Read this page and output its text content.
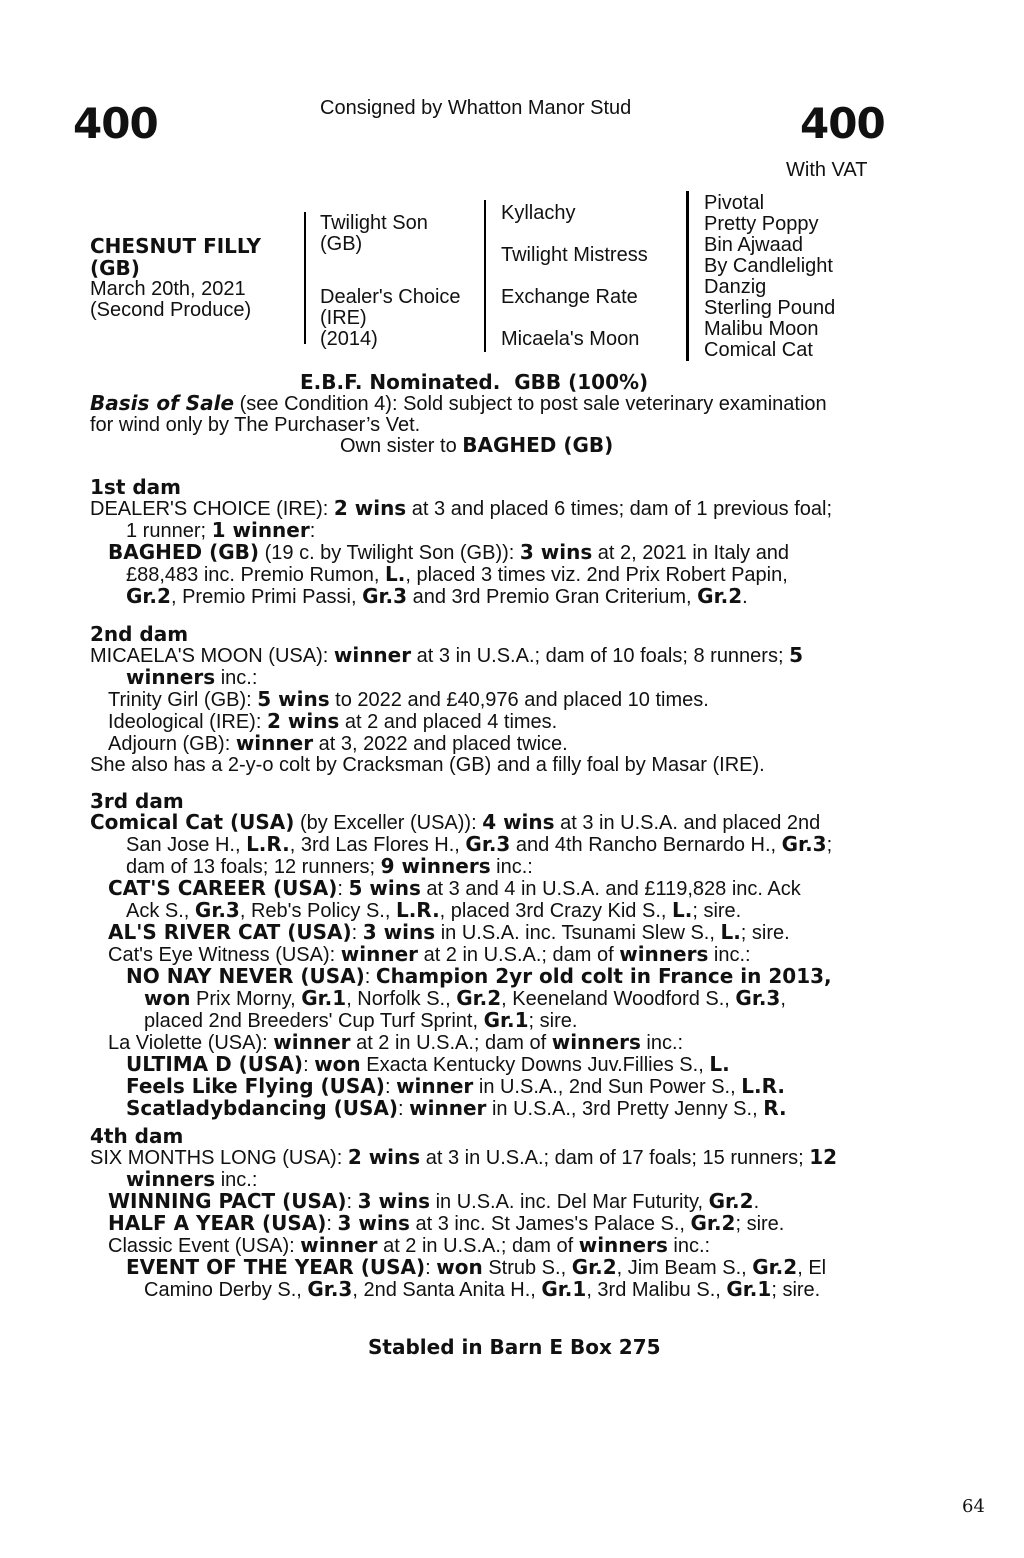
400	Consigned by Whatton Manor Stud	400
With VAT
CHESNUT FILLY
(GB)
March 20th, 2021
(Second Produce)
Twilight Son
(GB)
Dealer's Choice
(IRE)
(2014)
Kyllachy
Twilight Mistress
Exchange Rate
Micaela's Moon
Pivotal
Pretty Poppy
Bin Ajwaad
By Candlelight
Danzig
Sterling Pound
Malibu Moon
Comical Cat
E.B.F. Nominated.  GBB (100%)
Basis of Sale (see Condition 4): Sold subject to post sale veterinary examination
for wind only by The Purchaser’s Vet.
Own sister to BAGHED (GB)
1st dam
DEALER'S CHOICE (IRE): 2 wins at 3 and placed 6 times; dam of 1 previous foal;
1 runner; 1 winner:
BAGHED (GB) (19 c. by Twilight Son (GB)): 3 wins at 2, 2021 in Italy and
£88,483 inc. Premio Rumon, L., placed 3 times viz. 2nd Prix Robert Papin,
Gr.2, Premio Primi Passi, Gr.3 and 3rd Premio Gran Criterium, Gr.2.
2nd dam
MICAELA'S MOON (USA): winner at 3 in U.S.A.; dam of 10 foals; 8 runners; 5
winners inc.:
Trinity Girl (GB): 5 wins to 2022 and £40,976 and placed 10 times.
Ideological (IRE): 2 wins at 2 and placed 4 times.
Adjourn (GB): winner at 3, 2022 and placed twice.
She also has a 2-y-o colt by Cracksman (GB) and a filly foal by Masar (IRE).
3rd dam
Comical Cat (USA) (by Exceller (USA)): 4 wins at 3 in U.S.A. and placed 2nd
San Jose H., L.R., 3rd Las Flores H., Gr.3 and 4th Rancho Bernardo H., Gr.3;
dam of 13 foals; 12 runners; 9 winners inc.:
CAT'S CAREER (USA): 5 wins at 3 and 4 in U.S.A. and £119,828 inc. Ack
Ack S., Gr.3, Reb's Policy S., L.R., placed 3rd Crazy Kid S., L.; sire.
AL'S RIVER CAT (USA): 3 wins in U.S.A. inc. Tsunami Slew S., L.; sire.
Cat's Eye Witness (USA): winner at 2 in U.S.A.; dam of winners inc.:
NO NAY NEVER (USA): Champion 2yr old colt in France in 2013,
won Prix Morny, Gr.1, Norfolk S., Gr.2, Keeneland Woodford S., Gr.3,
placed 2nd Breeders' Cup Turf Sprint, Gr.1; sire.
La Violette (USA): winner at 2 in U.S.A.; dam of winners inc.:
ULTIMA D (USA): won Exacta Kentucky Downs Juv.Fillies S., L.
Feels Like Flying (USA): winner in U.S.A., 2nd Sun Power S., L.R.
Scatladybdancing (USA): winner in U.S.A., 3rd Pretty Jenny S., R.
4th dam
SIX MONTHS LONG (USA): 2 wins at 3 in U.S.A.; dam of 17 foals; 15 runners; 12
winners inc.:
WINNING PACT (USA): 3 wins in U.S.A. inc. Del Mar Futurity, Gr.2.
HALF A YEAR (USA): 3 wins at 3 inc. St James's Palace S., Gr.2; sire.
Classic Event (USA): winner at 2 in U.S.A.; dam of winners inc.:
EVENT OF THE YEAR (USA): won Strub S., Gr.2, Jim Beam S., Gr.2, El
Camino Derby S., Gr.3, 2nd Santa Anita H., Gr.1, 3rd Malibu S., Gr.1; sire.
Stabled in Barn E Box 275
64
